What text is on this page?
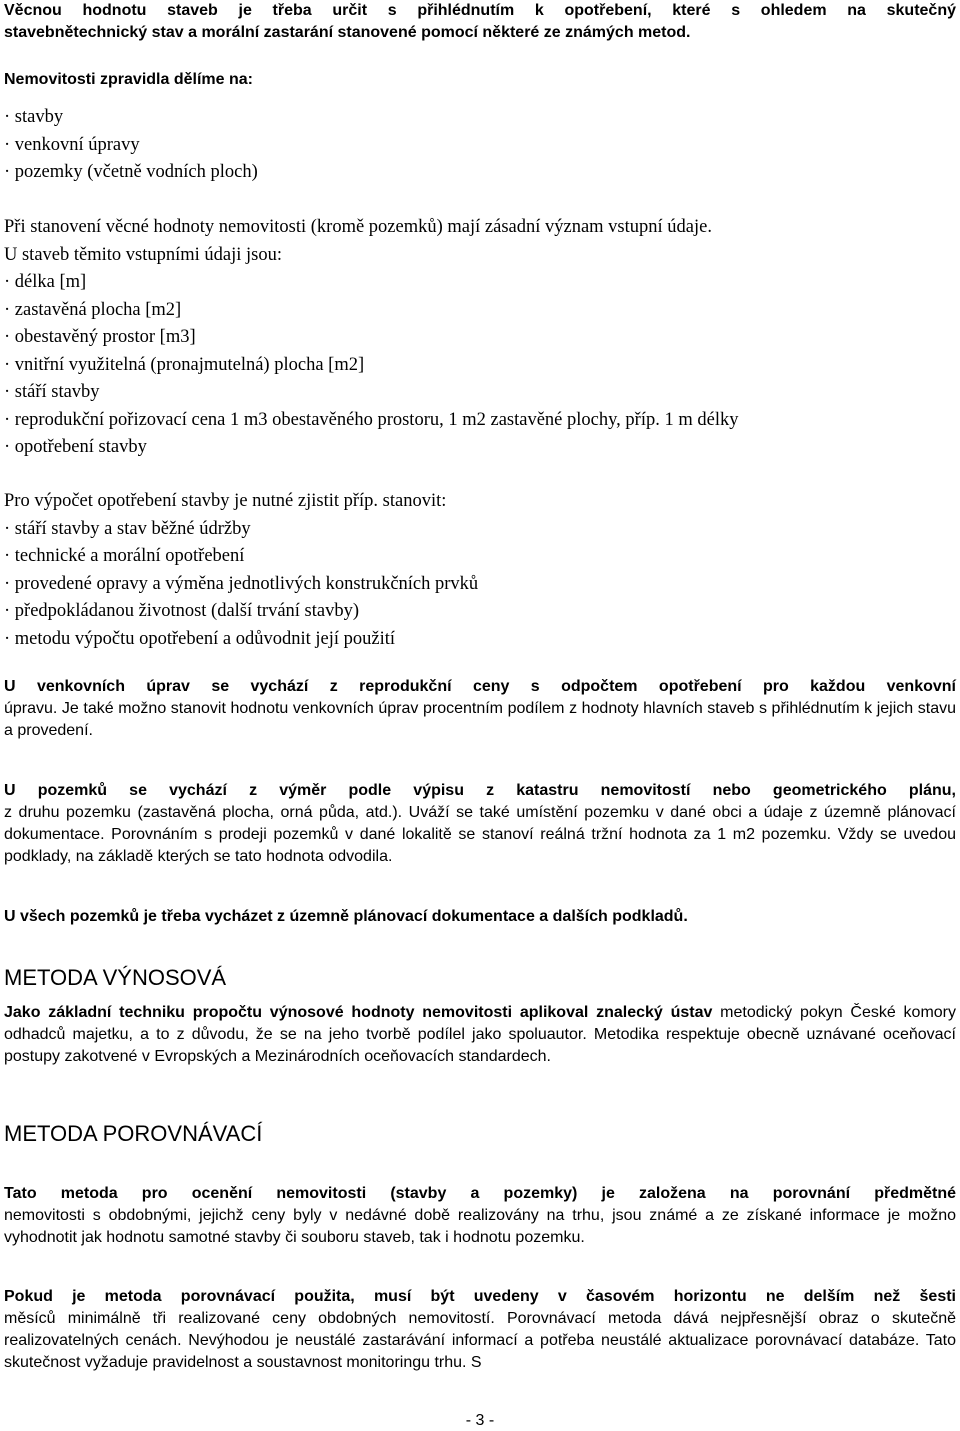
Věcnou hodnotu staveb je třeba určit s přihlédnutím k opotřebení, které s ohledem na skutečný
stavebnětechnický stav a morální zastarání stanovené pomocí některé ze známých metod.
Nemovitosti zpravidla dělíme na:
· stavby
· venkovní úpravy
· pozemky (včetně vodních ploch)
Při stanovení věcné hodnoty nemovitosti (kromě pozemků) mají zásadní význam vstupní údaje.
U staveb těmito vstupními údaji jsou:
· délka [m]
· zastavěná plocha [m2]
· obestavěný prostor [m3]
· vnitřní využitelná (pronajmutelná) plocha [m2]
· stáří stavby
· reprodukční pořizovací cena 1 m3 obestavěného prostoru, 1 m2 zastavěné plochy, příp. 1 m délky
· opotřebení stavby
Pro výpočet opotřebení stavby je nutné zjistit příp. stanovit:
· stáří stavby a stav běžné údržby
· technické a morální opotřebení
· provedené opravy a výměna jednotlivých konstrukčních prvků
· předpokládanou životnost (další trvání stavby)
· metodu výpočtu opotřebení a odůvodnit její použití
U venkovních úprav se vychází z reprodukční ceny s odpočtem opotřebení pro každou venkovní
úpravu. Je také možno stanovit hodnotu venkovních úprav procentním podílem z hodnoty hlavních staveb s přihlédnutím k jejich stavu a provedení.
U pozemků se vychází z výměr podle výpisu z katastru nemovitostí nebo geometrického plánu,
z druhu pozemku (zastavěná plocha, orná půda, atd.). Uváží se také umístění pozemku v dané obci a údaje z územně plánovací dokumentace. Porovnáním s prodeji pozemků v dané lokalitě se stanoví reálná tržní hodnota za 1 m2 pozemku. Vždy se uvedou podklady, na základě kterých se tato hodnota odvodila.
U všech pozemků je třeba vycházet z územně plánovací dokumentace a dalších podkladů.
METODA VÝNOSOVÁ
Jako základní techniku propočtu výnosové hodnoty nemovitosti aplikoval znalecký ústav metodický pokyn České komory odhadců majetku, a to z důvodu, že se na jeho tvorbě podílel jako spoluautor. Metodika respektuje obecně uznávané oceňovací postupy zakotvené v Evropských a Mezinárodních oceňovacích standardech.
METODA POROVNÁVACÍ
Tato metoda pro ocenění nemovitosti (stavby a pozemky) je založena na porovnání předmětné
nemovitosti s obdobnými, jejichž ceny byly v nedávné době realizovány na trhu, jsou známé a ze získané informace je možno vyhodnotit jak hodnotu samotné stavby či souboru staveb, tak i hodnotu pozemku.
Pokud je metoda porovnávací použita, musí být uvedeny v časovém horizontu ne delším než šesti
měsíců minimálně tři realizované ceny obdobných nemovitostí. Porovnávací metoda dává nejpřesnější obraz o skutečně realizovatelných cenách. Nevýhodou je neustálé zastarávání informací a potřeba neustálé aktualizace porovnávací databáze. Tato skutečnost vyžaduje pravidelnost a soustavnost monitoringu trhu. S
- 3 -
